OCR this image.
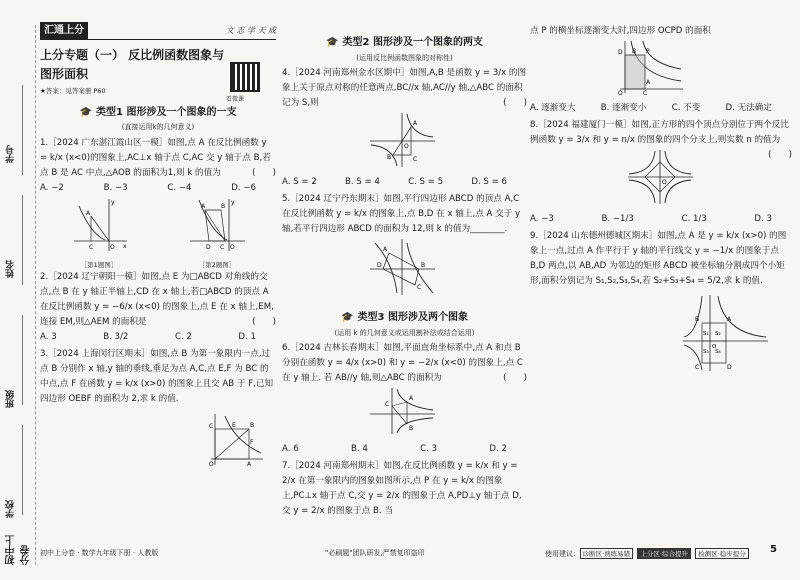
学号
姓名
班级
学校
初中上分卷
汇通上分	文 志 学 天 成
上分专题（一） 反比例函数图象与图形面积
看微课
★答案：见答案册 P60
🎓 类型1 图形涉及一个图象的一支
(直接运用k的几何意义)
1.［2024 广东湛江霞山区一模］如图,点 A 在反比例函数 y = k/x (x<0)的图象上,AC⊥x 轴于点 C,AC 交 y 轴于点 B,若点 B 是 AC 中点,△AOB 的面积为1,则 k 的值为	(　　)
A. −2	B. −3	C. −4	D. −6
A
C	O x
y
［第1题图］
A	B
D C O
y
［第2题图］
2.［2024 辽宁朝阳一模］如图,点 E 为□ABCD 对角线的交点,点 B 在 y 轴正半轴上,CD 在 x 轴上,若□ABCD 的顶点 A 在反比例函数 y = −6/x (x<0) 的图象上,点 E 在 x 轴上,EM,连接 EM,则△AEM 的面积是	(　　)
A. 3	B. 3/2	C. 2	D. 1
3.［2024 上海闵行区期末］如图,点 B 为第一象限内一点,过点 B 分别作 x 轴,y 轴的垂线,垂足为点 A,C,点 E,F 为 BC 的中点,点 F 在函数 y = k/x (x>0) 的图象上且交 AB 于 F,已知四边形 OEBF 的面积为 2,求 k 的值.
C	B
F
E
A
O
🎓 类型2 图形涉及一个图象的两支
(运用反比例函数图象的对称性)
4.［2024 河南郑州金水区期中］如图,A,B 是函数 y = 3/x 的图象上关于原点对称的任意两点,BC//x 轴,AC//y 轴,△ABC 的面积记为 S,则	(　　)
A
B	C
O
A. S = 2	B. S = 4	C. S = 5	D. S = 6
5.［2024 辽宁丹东期末］如图,平行四边形 ABCD 的顶点 A,C 在反比例函数 y = k/x 的图象上,点 B,D 在 x 轴上,点 A 交于 y 轴,若平行四边形 ABCD 的面积为 12,则 k 的值为________.
A
C
D	B
🎓 类型3 图形涉及两个图象
(运用 k 的几何意义或运用割补法或结合运用)
6.［2024 吉林长春期末］如图,平面直角坐标系中,点 A 和点 B 分别在函数 y = 4/x (x>0) 和 y = −2/x (x<0) 的图象上,点 C 在 y 轴上. 若 AB//y 轴,则△ABC 的面积为	(　　)
A
B
C
A. 6	B. 4	C. 3	D. 2
7.［2024 河南郑州期末］如图,在反比例函数 y = k/x 和 y = 2/x 在第一象限内的图象如图所示,点 P 在 y = k/x 的图象上,PC⊥x 轴于点 C,交 y = 2/x 的图象于点 A,PD⊥y 轴于点 D,交 y = 2/x 的图象于点 B. 当
点 P 的横坐标逐渐变大时,四边形 OCPD 的面积
P
D
A
B
C
O
A. 逐渐变大	B. 逐渐变小	C. 不变	D. 无法确定
8.［2024 福建厦门一模］如图,正方形的四个顶点分别位于两个反比例函数 y = 3/x 和 y = n/x 的图象的四个分支上,则实数 n 的值为
(　　)
O
A. −3	B. −1/3	C. 1/3	D. 3
9.［2024 山东德州德城区期末］如图,点 A 是 y = k/x (x>0) 的图象上一点,过点 A 作平行于 y 轴的平行线交 y = −1/x 的图象于点 B,D 两点,以 AB,AD 为邻边的矩形 ABCD 被坐标轴分割成四个小矩形,面积分别记为 S₁,S₂,S₃,S₄,若 S₂+S₃+S₄ = 5/2,求 k 的值.
A
B
C	D
S₁ S₂
S₃ S₄
O
初中上分卷 · 数学九年级下册 · 人教版	"必刷题"团队研发,严禁复印盗印	使用建议: 诊断区·熟练易错 上分区·综合提升 检测区·稳步提分	5
